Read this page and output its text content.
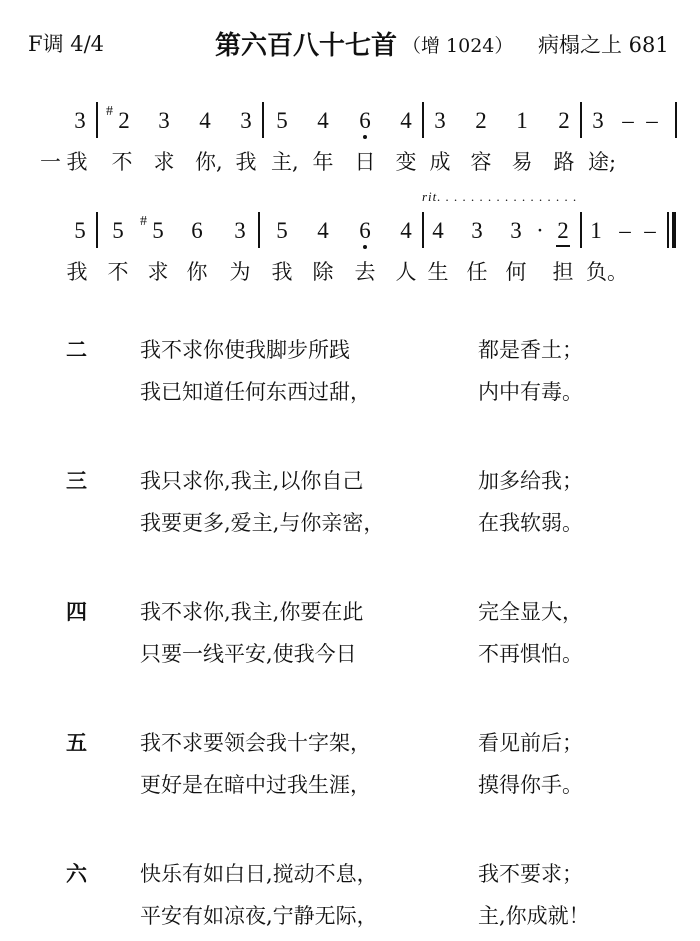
F调 4/4	第六百八十七首 （增 1024） 病榻之上 681
3	# 2 3 4 3 5 4 6 4 3 2 1 2 3 – –
一 我 不 求 你, 我 主, 年 日 变 成 容 易 路 途;
rit. . . . . . . . . . . . . . . . .
5 5	# 5 6 3 5 4 6 4 4 3 3 · 2 1 – –
我 不 求 你 为 我 除 去 人 生 任 何 担 负。
二	我不求你使我脚步所践	都是香土；
我已知道任何东西过甜，	内中有毒。
三	我只求你,我主,以你自己	加多给我；
我要更多,爱主,与你亲密，	在我软弱。
四	我不求你,我主,你要在此	完全显大，
只要一线平安,使我今日	不再惧怕。
五	我不求要领会我十字架，	看见前后；
更好是在暗中过我生涯，	摸得你手。
六	快乐有如白日,搅动不息，	我不要求；
平安有如凉夜,宁静无际，	主,你成就！
